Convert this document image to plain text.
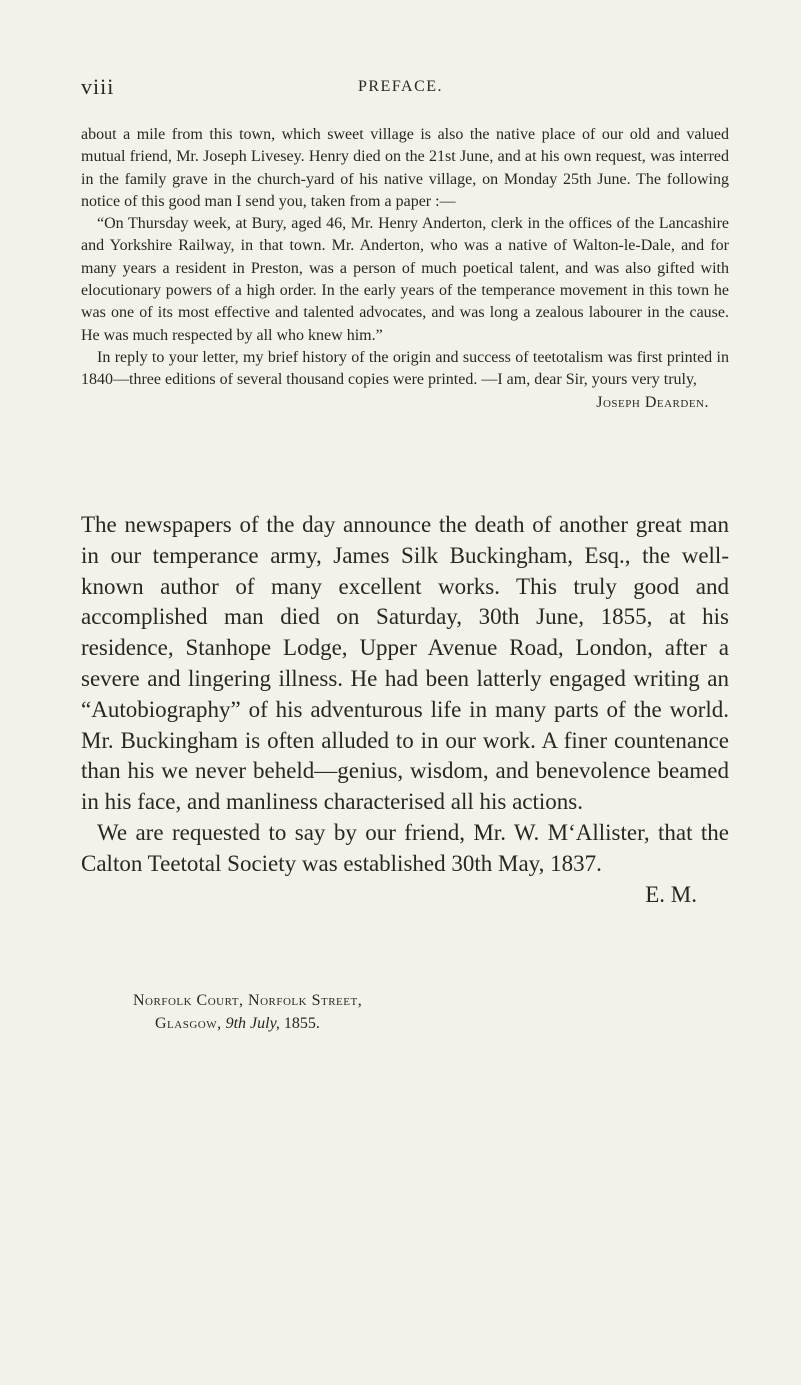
viii	PREFACE.

about a mile from this town, which sweet village is also the native place of our old and valued mutual friend, Mr. Joseph Livesey. Henry died on the 21st June, and at his own request, was interred in the family grave in the church-yard of his native village, on Monday 25th June. The following notice of this good man I send you, taken from a paper :—

“On Thursday week, at Bury, aged 46, Mr. Henry Anderton, clerk in the offices of the Lancashire and Yorkshire Railway, in that town. Mr. Anderton, who was a native of Walton-le-Dale, and for many years a resident in Preston, was a person of much poetical talent, and was also gifted with elocutionary powers of a high order. In the early years of the temperance movement in this town he was one of its most effective and talented advocates, and was long a zealous labourer in the cause. He was much respected by all who knew him.”

In reply to your letter, my brief history of the origin and success of teetotalism was first printed in 1840—three editions of several thousand copies were printed. —I am, dear Sir, yours very truly,

Joseph Dearden.

The newspapers of the day announce the death of another great man in our temperance army, James Silk Buckingham, Esq., the well-known author of many excellent works. This truly good and accomplished man died on Saturday, 30th June, 1855, at his residence, Stanhope Lodge, Upper Avenue Road, London, after a severe and lingering illness. He had been latterly engaged writing an “Autobiography” of his adventurous life in many parts of the world. Mr. Buckingham is often alluded to in our work. A finer countenance than his we never beheld—genius, wisdom, and benevolence beamed in his face, and manliness characterised all his actions.

We are requested to say by our friend, Mr. W. M‘Allister, that the Calton Teetotal Society was established 30th May, 1837.

E. M.

Norfolk Court, Norfolk Street,

Glasgow, 9th July, 1855.
